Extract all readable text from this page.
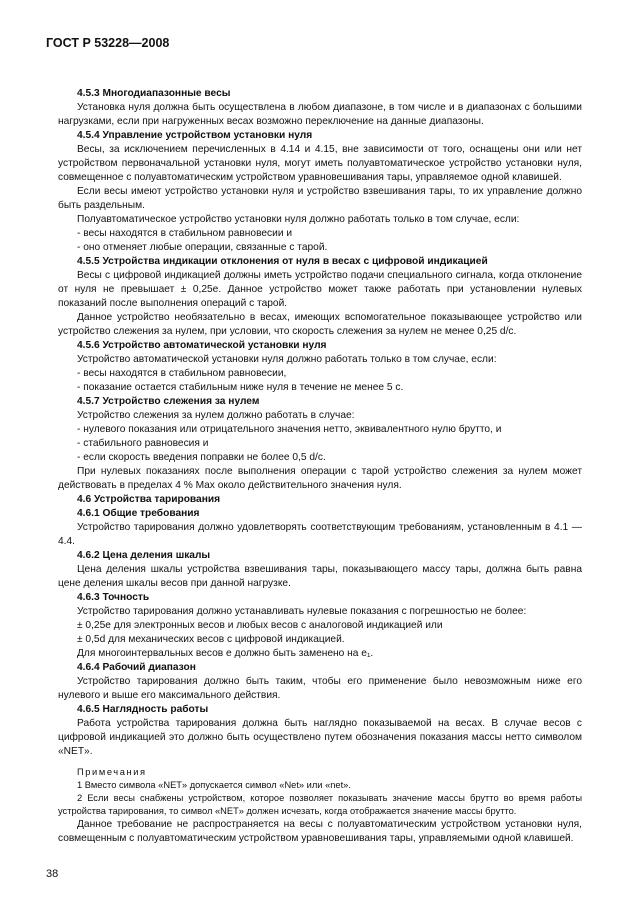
ГОСТ Р 53228—2008

4.5.3 Многодиапазонные весы

Установка нуля должна быть осуществлена в любом диапазоне, в том числе и в диапазонах с большими нагрузками, если при нагруженных весах возможно переключение на данные диапазоны.

4.5.4 Управление устройством установки нуля

Весы, за исключением перечисленных в 4.14 и 4.15, вне зависимости от того, оснащены они или нет устройством первоначальной установки нуля, могут иметь полуавтоматическое устройство установки нуля, совмещенное с полуавтоматическим устройством уравновешивания тары, управляемое одной клавишей.

Если весы имеют устройство установки нуля и устройство взвешивания тары, то их управление должно быть раздельным.

Полуавтоматическое устройство установки нуля должно работать только в том случае, если:

- весы находятся в стабильном равновесии и

- оно отменяет любые операции, связанные с тарой.

4.5.5 Устройства индикации отклонения от нуля в весах с цифровой индикацией

Весы с цифровой индикацией должны иметь устройство подачи специального сигнала, когда отклонение от нуля не превышает ± 0,25e. Данное устройство может также работать при установлении нулевых показаний после выполнения операций с тарой.

Данное устройство необязательно в весах, имеющих вспомогательное показывающее устройство или устройство слежения за нулем, при условии, что скорость слежения за нулем не менее 0,25 d/c.

4.5.6 Устройство автоматической установки нуля

Устройство автоматической установки нуля должно работать только в том случае, если:

- весы находятся в стабильном равновесии,

- показание остается стабильным ниже нуля в течение не менее 5 с.

4.5.7 Устройство слежения за нулем

Устройство слежения за нулем должно работать в случае:

- нулевого показания или отрицательного значения нетто, эквивалентного нулю брутто, и

- стабильного равновесия и

- если скорость введения поправки не более 0,5 d/c.

При нулевых показаниях после выполнения операции с тарой устройство слежения за нулем может действовать в пределах 4 % Max около действительного значения нуля.

4.6 Устройства тарирования

4.6.1 Общие требования

Устройство тарирования должно удовлетворять соответствующим требованиям, установленным в 4.1 — 4.4.

4.6.2 Цена деления шкалы

Цена деления шкалы устройства взвешивания тары, показывающего массу тары, должна быть равна цене деления шкалы весов при данной нагрузке.

4.6.3 Точность

Устройство тарирования должно устанавливать нулевые показания с погрешностью не более:

± 0,25e для электронных весов и любых весов с аналоговой индикацией или

± 0,5d для механических весов с цифровой индикацией.

Для многоинтервальных весов e должно быть заменено на e₁.

4.6.4 Рабочий диапазон

Устройство тарирования должно быть таким, чтобы его применение было невозможным ниже его нулевого и выше его максимального действия.

4.6.5 Наглядность работы

Работа устройства тарирования должна быть наглядно показываемой на весах. В случае весов с цифровой индикацией это должно быть осуществлено путем обозначения показания массы нетто символом «NET».

Примечания

1 Вместо символа «NET» допускается символ «Net» или «net».

2 Если весы снабжены устройством, которое позволяет показывать значение массы брутто во время работы устройства тарирования, то символ «NET» должен исчезать, когда отображается значение массы брутто.

Данное требование не распространяется на весы с полуавтоматическим устройством установки нуля, совмещенным с полуавтоматическим устройством уравновешивания тары, управляемыми одной клавишей.

38
